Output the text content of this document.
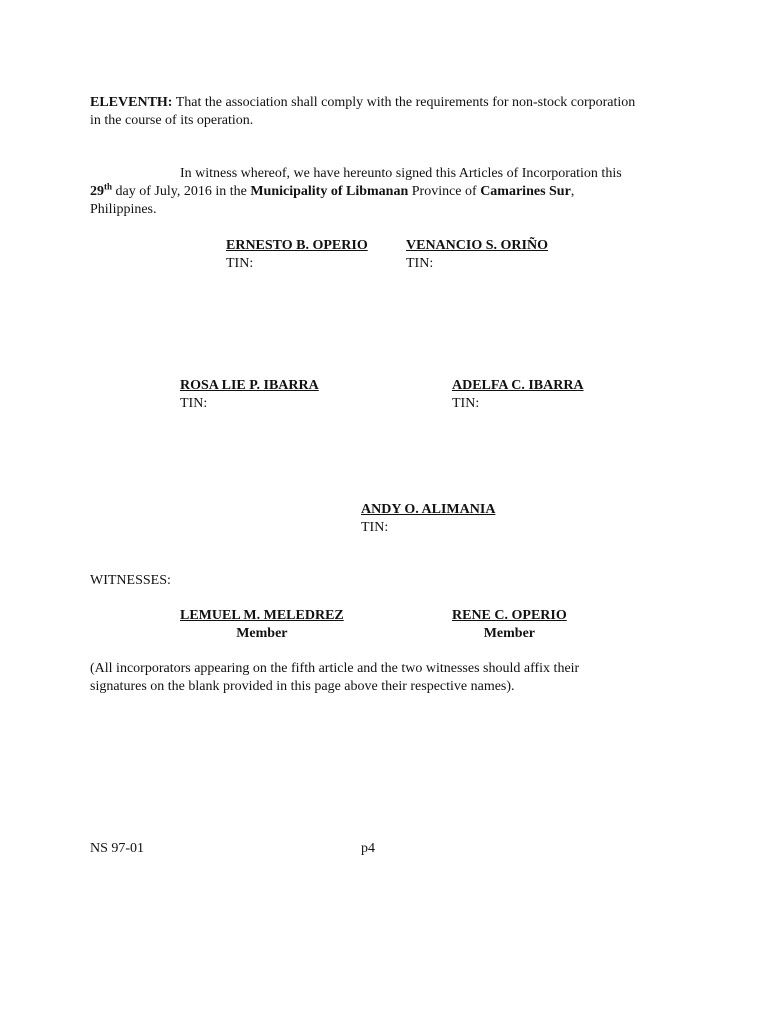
ELEVENTH: That the association shall comply with the requirements for non-stock corporation
in the course of its operation.
In witness whereof, we have hereunto signed this Articles of Incorporation this
29th day of July, 2016 in the Municipality of Libmanan Province of Camarines Sur,
Philippines.
ERNESTO B. OPERIO
TIN:
VENANCIO S. ORIÑO
TIN:
ROSA LIE P. IBARRA
TIN:
ADELFA C. IBARRA
TIN:
ANDY O. ALIMANIA
TIN:
WITNESSES:
LEMUEL M. MELEDREZ
Member
RENE C. OPERIO
Member
(All incorporators appearing on the fifth article and the two witnesses should affix their
signatures on the blank provided in this page above their respective names).
NS 97-01	p4
